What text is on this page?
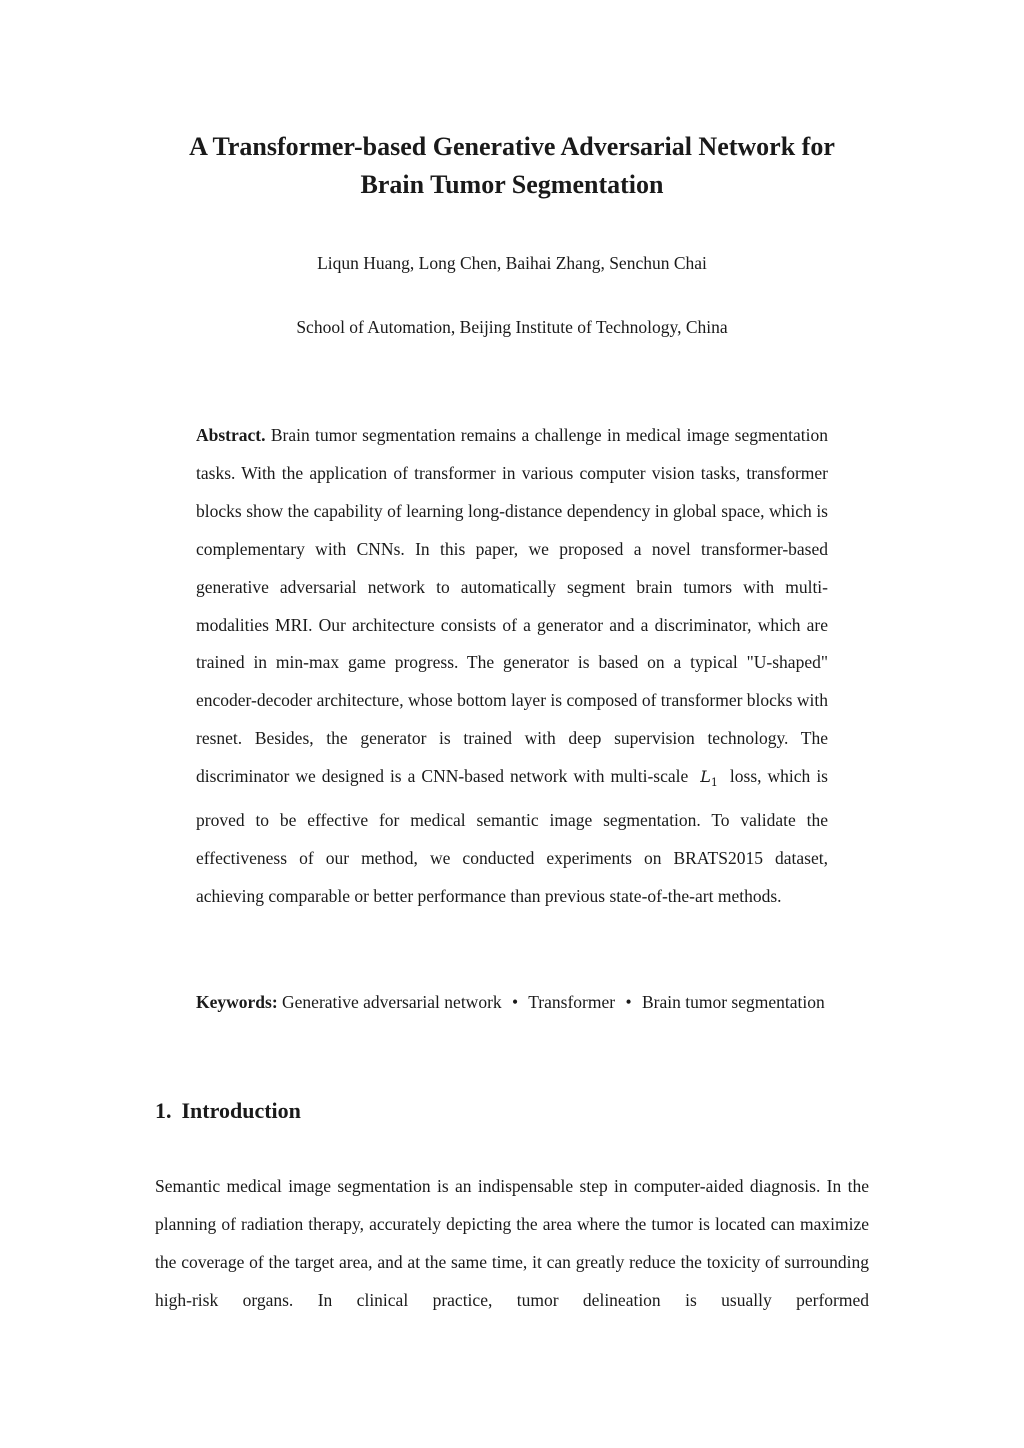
A Transformer-based Generative Adversarial Network for
Brain Tumor Segmentation

Liqun Huang, Long Chen, Baihai Zhang, Senchun Chai

School of Automation, Beijing Institute of Technology, China

Abstract. Brain tumor segmentation remains a challenge in medical image segmentation tasks. With the application of transformer in various computer vision tasks, transformer blocks show the capability of learning long-distance dependency in global space, which is complementary with CNNs. In this paper, we proposed a novel transformer-based generative adversarial network to automatically segment brain tumors with multi-modalities MRI. Our architecture consists of a generator and a discriminator, which are trained in min-max game progress. The generator is based on a typical "U-shaped" encoder-decoder architecture, whose bottom layer is composed of transformer blocks with resnet. Besides, the generator is trained with deep supervision technology. The discriminator we designed is a CNN-based network with multi-scale $L_1$ loss, which is proved to be effective for medical semantic image segmentation. To validate the effectiveness of our method, we conducted experiments on BRATS2015 dataset, achieving comparable or better performance than previous state-of-the-art methods.

Keywords: Generative adversarial network • Transformer • Brain tumor segmentation

1. Introduction

Semantic medical image segmentation is an indispensable step in computer-aided diagnosis. In the planning of radiation therapy, accurately depicting the area where the tumor is located can maximize the coverage of the target area, and at the same time, it can greatly reduce the toxicity of surrounding high-risk organs. In clinical practice, tumor delineation is usually performed
